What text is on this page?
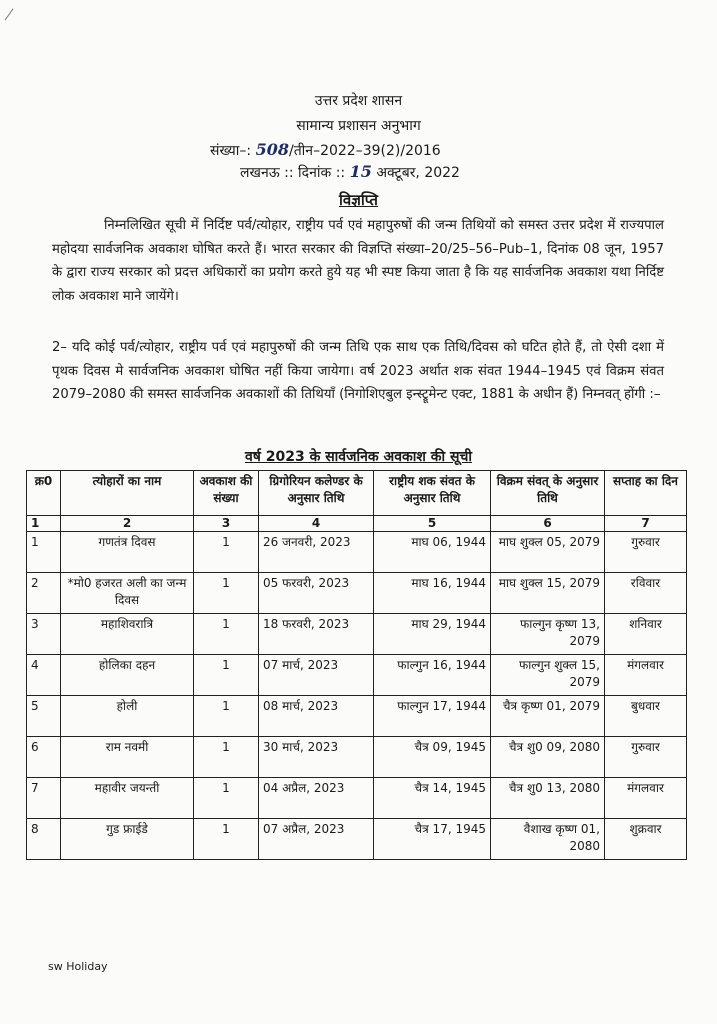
उत्तर प्रदेश शासन
सामान्य प्रशासन अनुभाग
संख्या–: 508/तीन–2022–39(2)/2016
लखनऊ :: दिनांक :: 15 अक्टूबर, 2022
विज्ञप्ति
निम्नलिखित सूची में निर्दिष्ट पर्व/त्योहार, राष्ट्रीय पर्व एवं महापुरुषों की जन्म तिथियों को समस्त उत्तर प्रदेश में राज्यपाल महोदया सार्वजनिक अवकाश घोषित करते हैं। भारत सरकार की विज्ञप्ति संख्या–20/25–56–Pub–1, दिनांक 08 जून, 1957 के द्वारा राज्य सरकार को प्रदत्त अधिकारों का प्रयोग करते हुये यह भी स्पष्ट किया जाता है कि यह सार्वजनिक अवकाश यथा निर्दिष्ट लोक अवकाश माने जायेंगे।
2– यदि कोई पर्व/त्योहार, राष्ट्रीय पर्व एवं महापुरुषों की जन्म तिथि एक साथ एक तिथि/दिवस को घटित होते हैं, तो ऐसी दशा में पृथक दिवस मे सार्वजनिक अवकाश घोषित नहीं किया जायेगा। वर्ष 2023 अर्थात शक संवत 1944–1945 एवं विक्रम संवत 2079–2080 की समस्त सार्वजनिक अवकाशों की तिथियाँ (निगोशिएबुल इन्स्ट्रूमेन्ट एक्ट, 1881 के अधीन हैं) निम्नवत् होंगी :–
वर्ष 2023 के सार्वजनिक अवकाश की सूची
क्र0	त्योहारों का नाम	अवकाश की संख्या	ग्रिगोरियन कलेण्डर के अनुसार तिथि	राष्ट्रीय शक संवत के अनुसार तिथि	विक्रम संवत् के अनुसार तिथि	सप्ताह का दिन
1	2	3	4	5	6	7
1	गणतंत्र दिवस	1	26 जनवरी, 2023	माघ 06, 1944	माघ शुक्ल 05, 2079	गुरुवार
2	*मो0 हजरत अली का जन्म दिवस	1	05 फरवरी, 2023	माघ 16, 1944	माघ शुक्ल 15, 2079	रविवार
3	महाशिवरात्रि	1	18 फरवरी, 2023	माघ 29, 1944	फाल्गुन कृष्ण 13, 2079	शनिवार
4	होलिका दहन	1	07 मार्च, 2023	फाल्गुन 16, 1944	फाल्गुन शुक्ल 15, 2079	मंगलवार
5	होली	1	08 मार्च, 2023	फाल्गुन 17, 1944	चैत्र कृष्ण 01, 2079	बुधवार
6	राम नवमी	1	30 मार्च, 2023	चैत्र 09, 1945	चैत्र शु0 09, 2080	गुरुवार
7	महावीर जयन्ती	1	04 अप्रैल, 2023	चैत्र 14, 1945	चैत्र शु0 13, 2080	मंगलवार
8	गुड फ्राईडे	1	07 अप्रैल, 2023	चैत्र 17, 1945	वैशाख कृष्ण 01, 2080	शुक्रवार
sw Holiday
